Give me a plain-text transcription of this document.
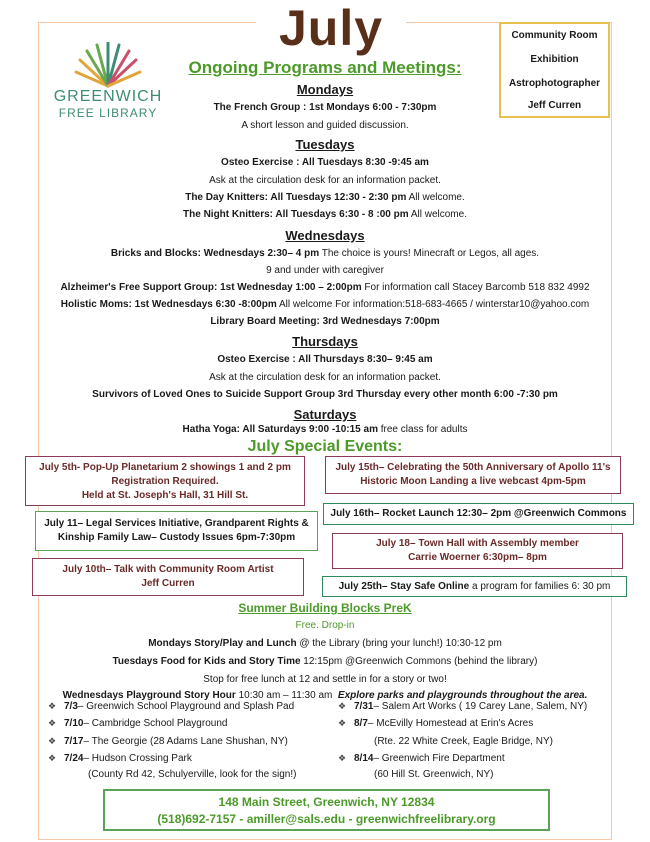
July
GREENWICH
FREE LIBRARY
Community Room
Exhibition
Astrophotographer
Jeff Curren
Ongoing Programs and Meetings:
Mondays
The French Group : 1st Mondays 6:00 - 7:30pm
A short lesson and guided discussion.
Tuesdays
Osteo Exercise : All Tuesdays 8:30 -9:45 am
Ask at the circulation desk for an information packet.
The Day Knitters: All Tuesdays 12:30 - 2:30 pm All welcome.
The Night Knitters: All Tuesdays 6:30 - 8 :00 pm All welcome.
Wednesdays
Bricks and Blocks: Wednesdays 2:30– 4 pm The choice is yours! Minecraft or Legos, all ages.
9 and under with caregiver
Alzheimer's Free Support Group: 1st Wednesday 1:00 – 2:00pm For information call Stacey Barcomb 518 832 4992
Holistic Moms: 1st Wednesdays 6:30 -8:00pm All welcome For information:518-683-4665 / winterstar10@yahoo.com
Library Board Meeting: 3rd Wednesdays 7:00pm
Thursdays
Osteo Exercise : All Thursdays 8:30– 9:45 am
Ask at the circulation desk for an information packet.
Survivors of Loved Ones to Suicide Support Group 3rd Thursday every other month 6:00 -7:30 pm
Saturdays
Hatha Yoga: All Saturdays 9:00 -10:15 am free class for adults
July Special Events:
July 5th- Pop-Up Planetarium 2 showings 1 and 2 pm
Registration Required.
Held at St. Joseph's Hall, 31 Hill St.
July 15th– Celebrating the 50th Anniversary of Apollo 11's
Historic Moon Landing a live webcast 4pm-5pm
July 16th– Rocket Launch 12:30– 2pm @Greenwich Commons
July 11– Legal Services Initiative, Grandparent Rights &
Kinship Family Law– Custody Issues 6pm-7:30pm
July 18– Town Hall with Assembly member
Carrie Woerner 6:30pm– 8pm
July 10th– Talk with Community Room Artist
Jeff Curren	July 25th– Stay Safe Online a program for families 6: 30 pm
Summer Building Blocks PreK
Free. Drop-in
Mondays Story/Play and Lunch @ the Library (bring your lunch!) 10:30-12 pm
Tuesdays Food for Kids and Story Time 12:15pm @Greenwich Commons (behind the library)
Stop for free lunch at 12 and settle in for a story or two!
Wednesdays Playground Story Hour 10:30 am – 11:30 am Explore parks and playgrounds throughout the area.
❖ 7/3– Greenwich School Playground and Splash Pad
❖ 7/10– Cambridge School Playground
❖ 7/17– The Georgie (28 Adams Lane Shushan, NY)
❖ 7/24– Hudson Crossing Park
(County Rd 42, Schulyerville, look for the sign!)
❖ 7/31– Salem Art Works ( 19 Carey Lane, Salem, NY)
❖ 8/7– McEvilly Homestead at Erin's Acres
(Rte. 22 White Creek, Eagle Bridge, NY)
❖ 8/14– Greenwich Fire Department
(60 Hill St. Greenwich, NY)
148 Main Street, Greenwich, NY 12834
(518)692-7157 - amiller@sals.edu - greenwichfreelibrary.org
